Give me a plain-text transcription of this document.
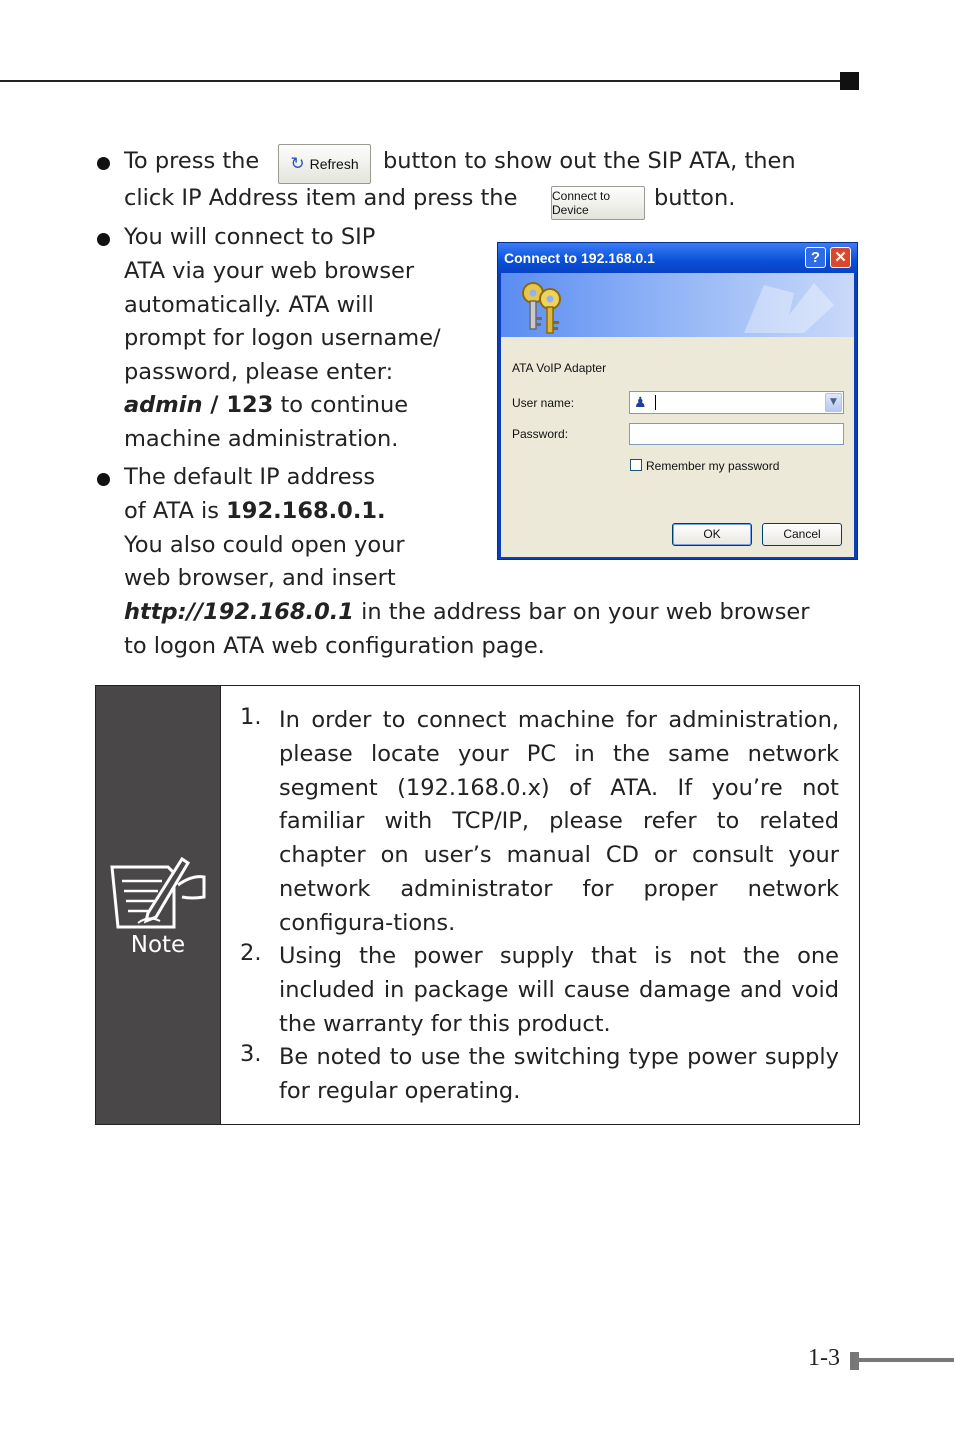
To press the ↻ Refresh button to show out the SIP ATA, then
click IP Address item and press the	Connect to Device	button.
You will connect to SIP
ATA via your web browser
automatically. ATA will
prompt for logon username/
password, please enter:
admin / 123 to continue
machine administration.
The default IP address
of ATA is 192.168.0.1.
You also could open your
web browser, and insert
http://192.168.0.1 in the address bar on your web browser
to logon ATA web configuration page.
Connect to 192.168.0.1	? ✕
ATA VoIP Adapter
User name:	♟	▼
Password:
Remember my password
OK	Cancel
Note
1. In order to connect machine for administration, please locate your PC in the same network segment (192.168.0.x) of ATA. If you’re not familiar with TCP/IP, please refer to related chapter on user’s manual CD or consult your network administrator for proper network configura-tions.
2. Using the power supply that is not the one included in package will cause damage and void the warranty for this product.
3. Be noted to use the switching type power supply for regular operating.
1-3
